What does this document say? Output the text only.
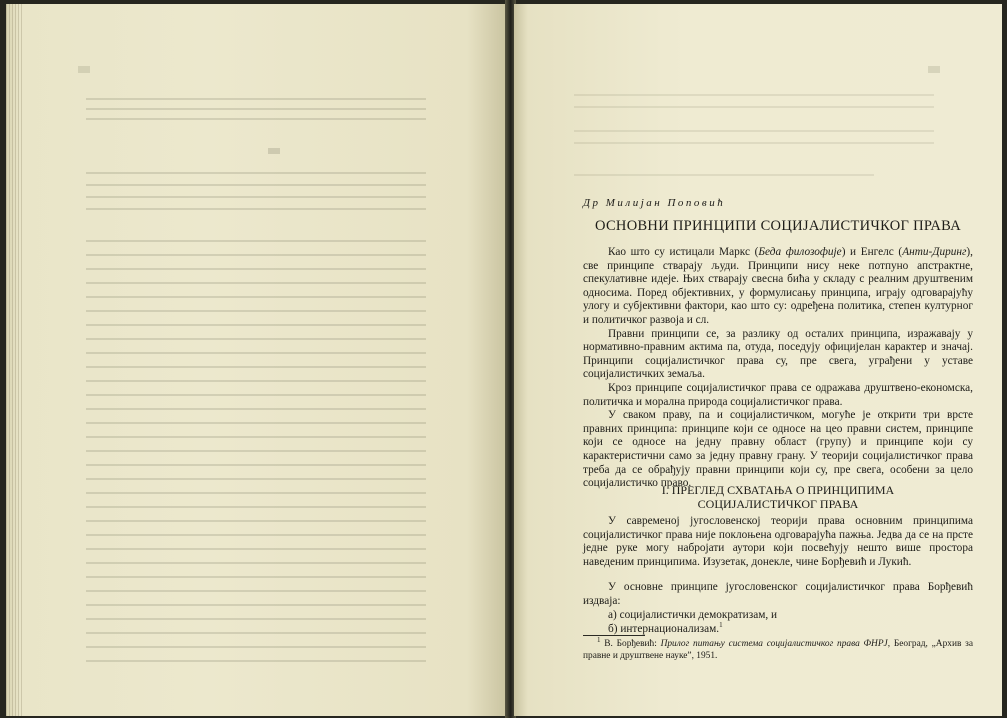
Др Милијан Поповић
ОСНОВНИ ПРИНЦИПИ СОЦИЈАЛИСТИЧКОГ ПРАВА

Као што су истицали Маркс (Беда филозофије) и Енгелс (Анти-Диринг), све принципе стварају људи. Принципи нису неке потпуно апстрактне, спекулативне идеје. Њих стварају свесна бића у складу с реалним друштвеним односима. Поред објективних, у формулисању принципа, играју одговарајућу улогу и субјективни фактори, као што су: одређена политика, степен културног и политичког развоја и сл.

Правни принципи се, за разлику од осталих принципа, изражавају у нормативно-правним актима па, отуда, поседују официјелан карактер и значај. Принципи социјалистичког права су, пре свега, уграђени у уставе социјалистичких земаља.

Кроз принципе социјалистичког права се одражава друштвено-економска, политичка и морална природа социјалистичког права.

У сваком праву, па и социјалистичком, могуће је открити три врсте правних принципа: принципе који се односе на цео правни систем, принципе који се односе на једну правну област (групу) и принципе који су карактеристични само за једну правну грану. У теорији социјалистичког права треба да се обрађују правни принципи који су, пре свега, особени за цело социјалистичко право.

I. ПРЕГЛЕД СХВАТАЊА О ПРИНЦИПИМА
СОЦИЈАЛИСТИЧКОГ ПРАВА

У савременој југословенској теорији права основним принципима социјалистичког права није поклоњена одговарајућа пажња. Једва да се на прсте једне руке могу набројати аутори који посвећују нешто више простора наведеним принципима. Изузетак, донекле, чине Борђевић и Лукић.

У основне принципе југословенског социјалистичког права Борђевић издваја:

а) социјалистички демократизам, и
б) интернационализам.$^1$

$^1$ В. Борђевић: Прилог питању система социјалистичког права ФНРЈ, Београд, „Архив за правне и друштвене науке”, 1951.
